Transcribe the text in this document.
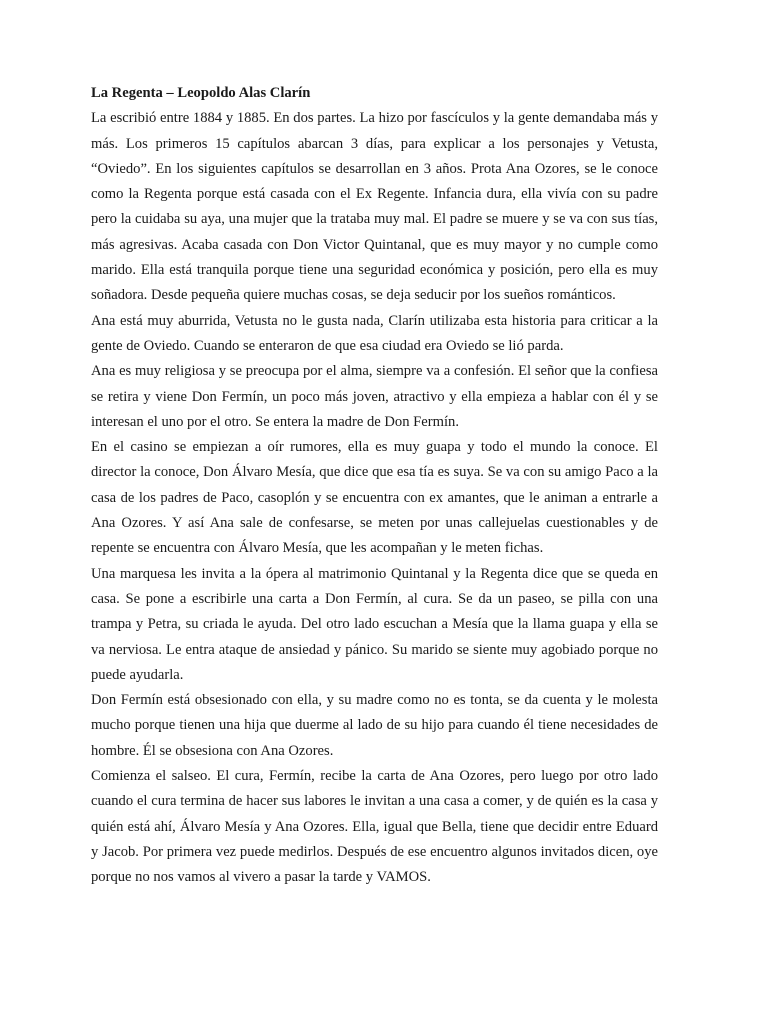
La Regenta – Leopoldo Alas Clarín

La escribió entre 1884 y 1885. En dos partes. La hizo por fascículos y la gente demandaba más y más. Los primeros 15 capítulos abarcan 3 días, para explicar a los personajes y Vetusta, “Oviedo”. En los siguientes capítulos se desarrollan en 3 años. Prota Ana Ozores, se le conoce como la Regenta porque está casada con el Ex Regente. Infancia dura, ella vivía con su padre pero la cuidaba su aya, una mujer que la trataba muy mal. El padre se muere y se va con sus tías, más agresivas. Acaba casada con Don Victor Quintanal, que es muy mayor y no cumple como marido. Ella está tranquila porque tiene una seguridad económica y posición, pero ella es muy soñadora. Desde pequeña quiere muchas cosas, se deja seducir por los sueños románticos.

Ana está muy aburrida, Vetusta no le gusta nada, Clarín utilizaba esta historia para criticar a la gente de Oviedo. Cuando se enteraron de que esa ciudad era Oviedo se lió parda.

Ana es muy religiosa y se preocupa por el alma, siempre va a confesión. El señor que la confiesa se retira y viene Don Fermín, un poco más joven, atractivo y ella empieza a hablar con él y se interesan el uno por el otro. Se entera la madre de Don Fermín.

En el casino se empiezan a oír rumores, ella es muy guapa y todo el mundo la conoce. El director la conoce, Don Álvaro Mesía, que dice que esa tía es suya. Se va con su amigo Paco a la casa de los padres de Paco, casoplón y se encuentra con ex amantes, que le animan a entrarle a Ana Ozores. Y así Ana sale de confesarse, se meten por unas callejuelas cuestionables y de repente se encuentra con Álvaro Mesía, que les acompañan y le meten fichas.

Una marquesa les invita a la ópera al matrimonio Quintanal y la Regenta dice que se queda en casa. Se pone a escribirle una carta a Don Fermín, al cura. Se da un paseo, se pilla con una trampa y Petra, su criada le ayuda. Del otro lado escuchan a Mesía que la llama guapa y ella se va nerviosa. Le entra ataque de ansiedad y pánico. Su marido se siente muy agobiado porque no puede ayudarla.

Don Fermín está obsesionado con ella, y su madre como no es tonta, se da cuenta y le molesta mucho porque tienen una hija que duerme al lado de su hijo para cuando él tiene necesidades de hombre. Él se obsesiona con Ana Ozores.

Comienza el salseo. El cura, Fermín, recibe la carta de Ana Ozores, pero luego por otro lado cuando el cura termina de hacer sus labores le invitan a una casa a comer, y de quién es la casa y quién está ahí, Álvaro Mesía y Ana Ozores. Ella, igual que Bella, tiene que decidir entre Eduard y Jacob. Por primera vez puede medirlos. Después de ese encuentro algunos invitados dicen, oye porque no nos vamos al vivero a pasar la tarde y VAMOS.
